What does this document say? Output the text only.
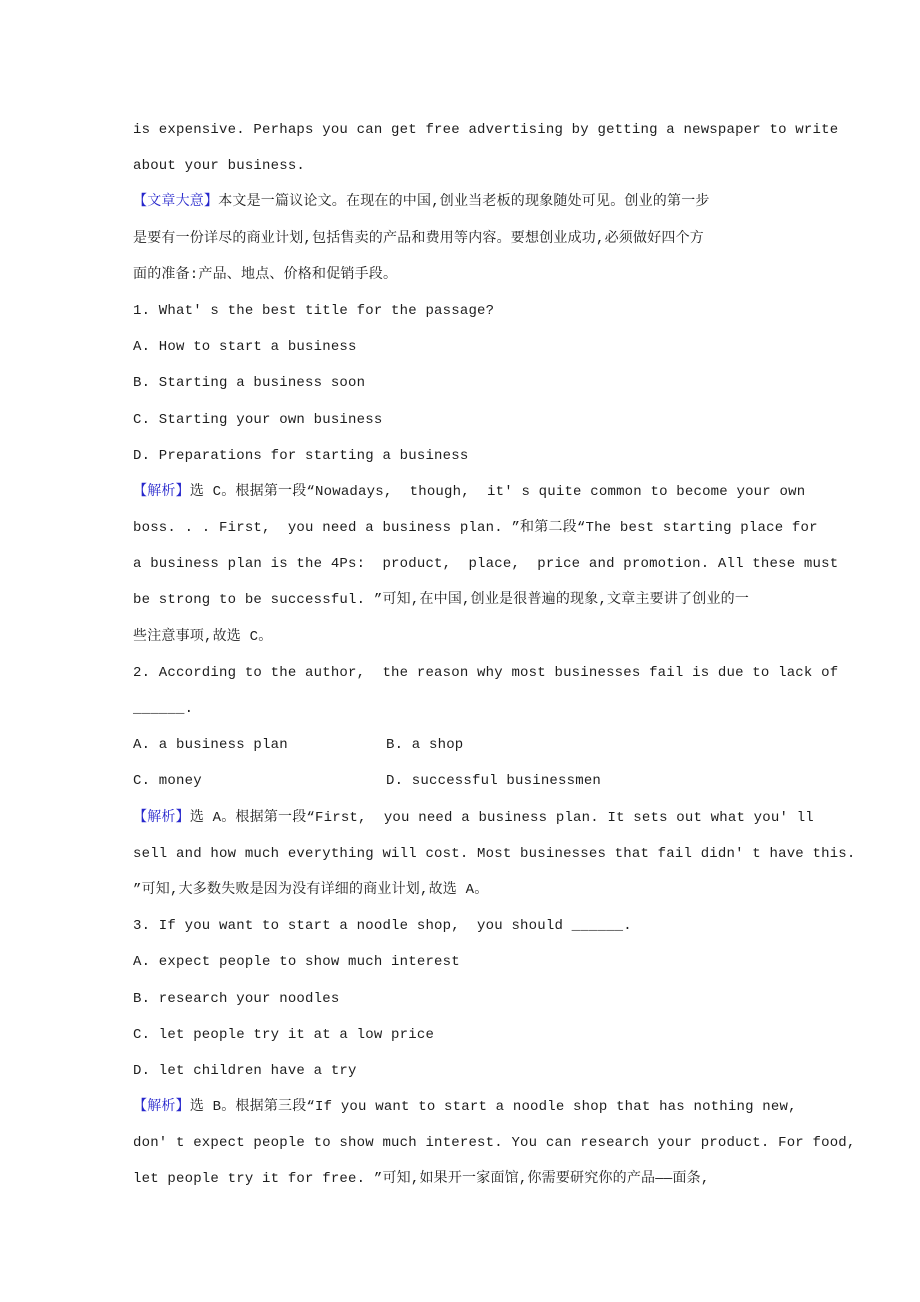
is expensive. Perhaps you can get free advertising by getting a newspaper to write
about your business.
【文章大意】本文是一篇议论文。在现在的中国,创业当老板的现象随处可见。创业的第一步
是要有一份详尽的商业计划,包括售卖的产品和费用等内容。要想创业成功,必须做好四个方
面的准备:产品、地点、价格和促销手段。
1. What' s the best title for the passage?
A. How to start a business
B. Starting a business soon
C. Starting your own business
D. Preparations for starting a business
【解析】选 C。根据第一段“Nowadays,  though,  it' s quite common to become your own
boss. . . First,  you need a business plan. ”和第二段“The best starting place for
a business plan is the 4Ps:  product,  place,  price and promotion. All these must
be strong to be successful. ”可知,在中国,创业是很普遍的现象,文章主要讲了创业的一
些注意事项,故选 C。
2. According to the author,  the reason why most businesses fail is due to lack of
______.
A. a business plan	B. a shop
C. money	D. successful businessmen
【解析】选 A。根据第一段“First,  you need a business plan. It sets out what you' ll
sell and how much everything will cost. Most businesses that fail didn' t have this.
”可知,大多数失败是因为没有详细的商业计划,故选 A。
3. If you want to start a noodle shop,  you should ______.
A. expect people to show much interest
B. research your noodles
C. let people try it at a low price
D. let children have a try
【解析】选 B。根据第三段“If you want to start a noodle shop that has nothing new,
don' t expect people to show much interest. You can research your product. For food,
let people try it for free. ”可知,如果开一家面馆,你需要研究你的产品——面条,
